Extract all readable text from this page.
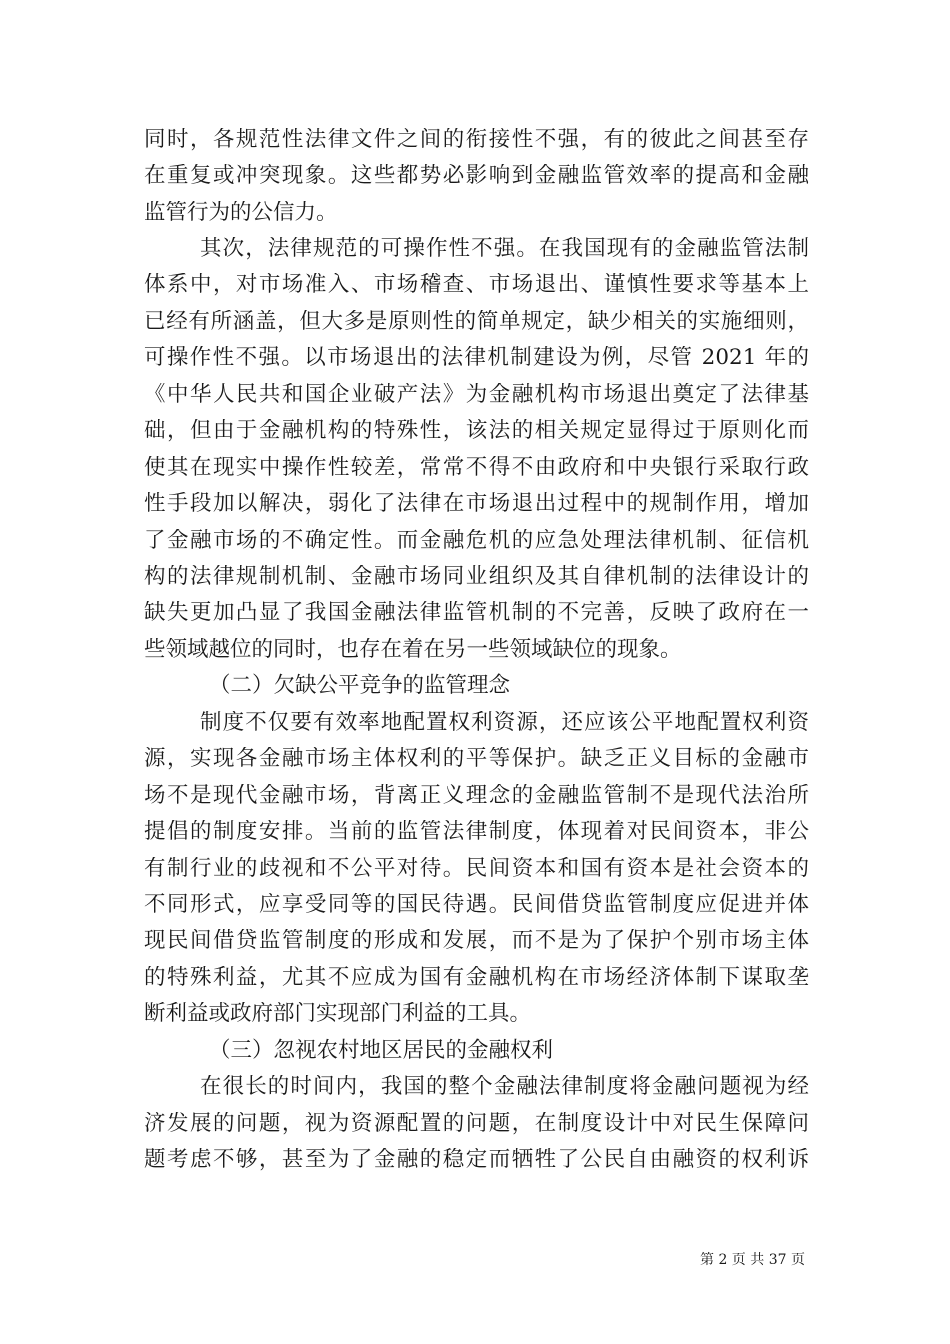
同时，各规范性法律文件之间的衔接性不强，有的彼此之间甚至存
在重复或冲突现象。这些都势必影响到金融监管效率的提高和金融
监管行为的公信力。
其次，法律规范的可操作性不强。在我国现有的金融监管法制
体系中，对市场准入、市场稽查、市场退出、谨慎性要求等基本上
已经有所涵盖，但大多是原则性的简单规定，缺少相关的实施细则，
可操作性不强。以市场退出的法律机制建设为例，尽管 2021 年的
《中华人民共和国企业破产法》为金融机构市场退出奠定了法律基
础，但由于金融机构的特殊性，该法的相关规定显得过于原则化而
使其在现实中操作性较差，常常不得不由政府和中央银行采取行政
性手段加以解决，弱化了法律在市场退出过程中的规制作用，增加
了金融市场的不确定性。而金融危机的应急处理法律机制、征信机
构的法律规制机制、金融市场同业组织及其自律机制的法律设计的
缺失更加凸显了我国金融法律监管机制的不完善，反映了政府在一
些领域越位的同时，也存在着在另一些领域缺位的现象。
（二）欠缺公平竞争的监管理念
制度不仅要有效率地配置权利资源，还应该公平地配置权利资
源，实现各金融市场主体权利的平等保护。缺乏正义目标的金融市
场不是现代金融市场，背离正义理念的金融监管制不是现代法治所
提倡的制度安排。当前的监管法律制度，体现着对民间资本，非公
有制行业的歧视和不公平对待。民间资本和国有资本是社会资本的
不同形式，应享受同等的国民待遇。民间借贷监管制度应促进并体
现民间借贷监管制度的形成和发展，而不是为了保护个别市场主体
的特殊利益，尤其不应成为国有金融机构在市场经济体制下谋取垄
断利益或政府部门实现部门利益的工具。
（三）忽视农村地区居民的金融权利
在很长的时间内，我国的整个金融法律制度将金融问题视为经
济发展的问题，视为资源配置的问题，在制度设计中对民生保障问
题考虑不够，甚至为了金融的稳定而牺牲了公民自由融资的权利诉
第 2 页 共 37 页
